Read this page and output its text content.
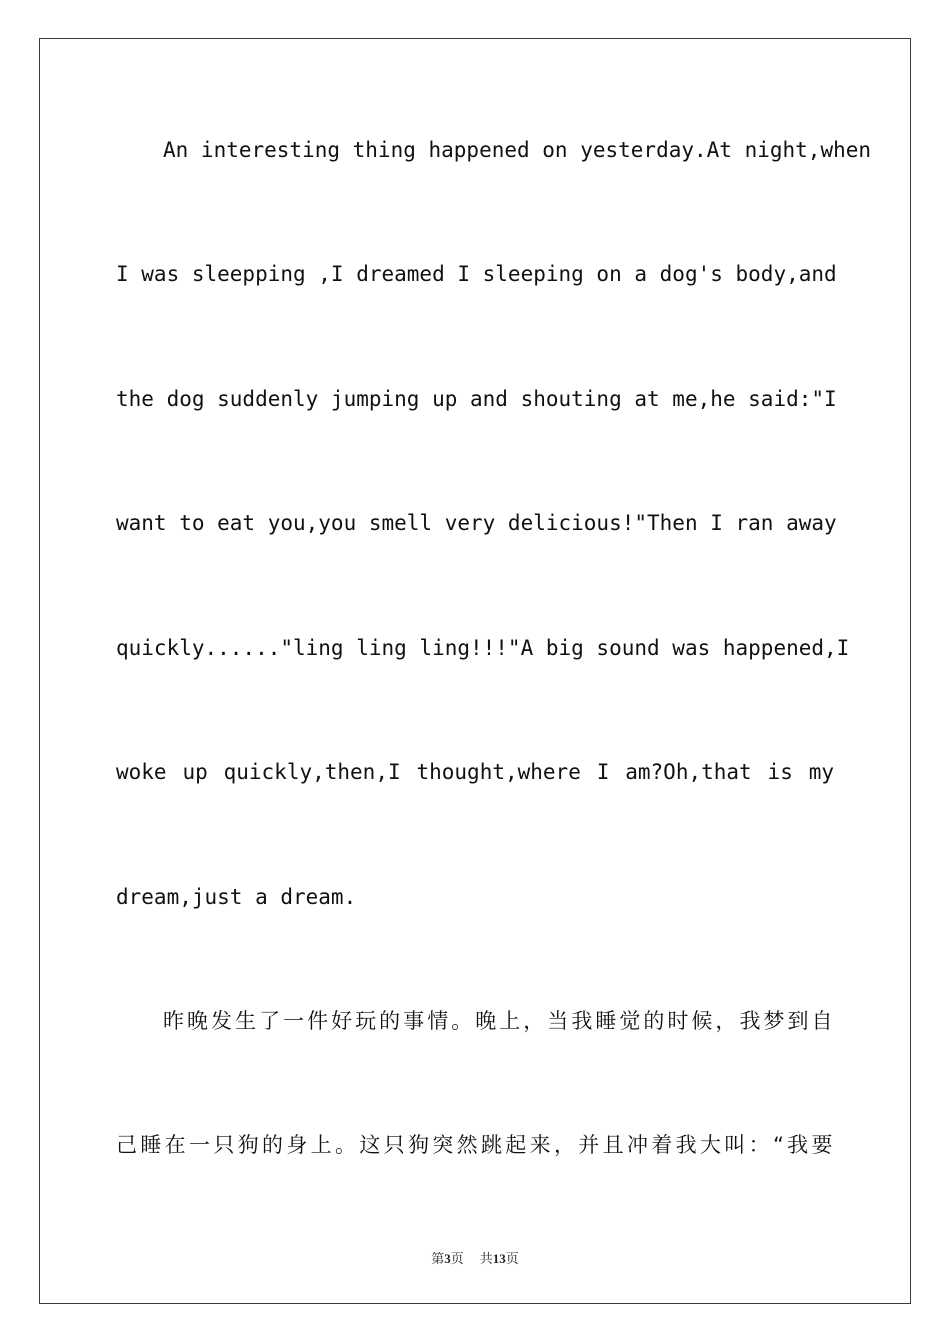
An interesting thing happened on yesterday.At night,when
I was sleepping ,I dreamed I sleeping on a dog's body,and
the dog suddenly jumping up and shouting at me,he said:"I
want to eat you,you smell very delicious!"Then I ran away
quickly......"ling ling ling!!!"A big sound was happened,I
woke up quickly,then,I thought,where I am?Oh,that is my
dream,just a dream.
昨晚发生了一件好玩的事情。晚上，当我睡觉的时候，我梦到自
己睡在一只狗的身上。这只狗突然跳起来，并且冲着我大叫：“我要
第3页 共13页
